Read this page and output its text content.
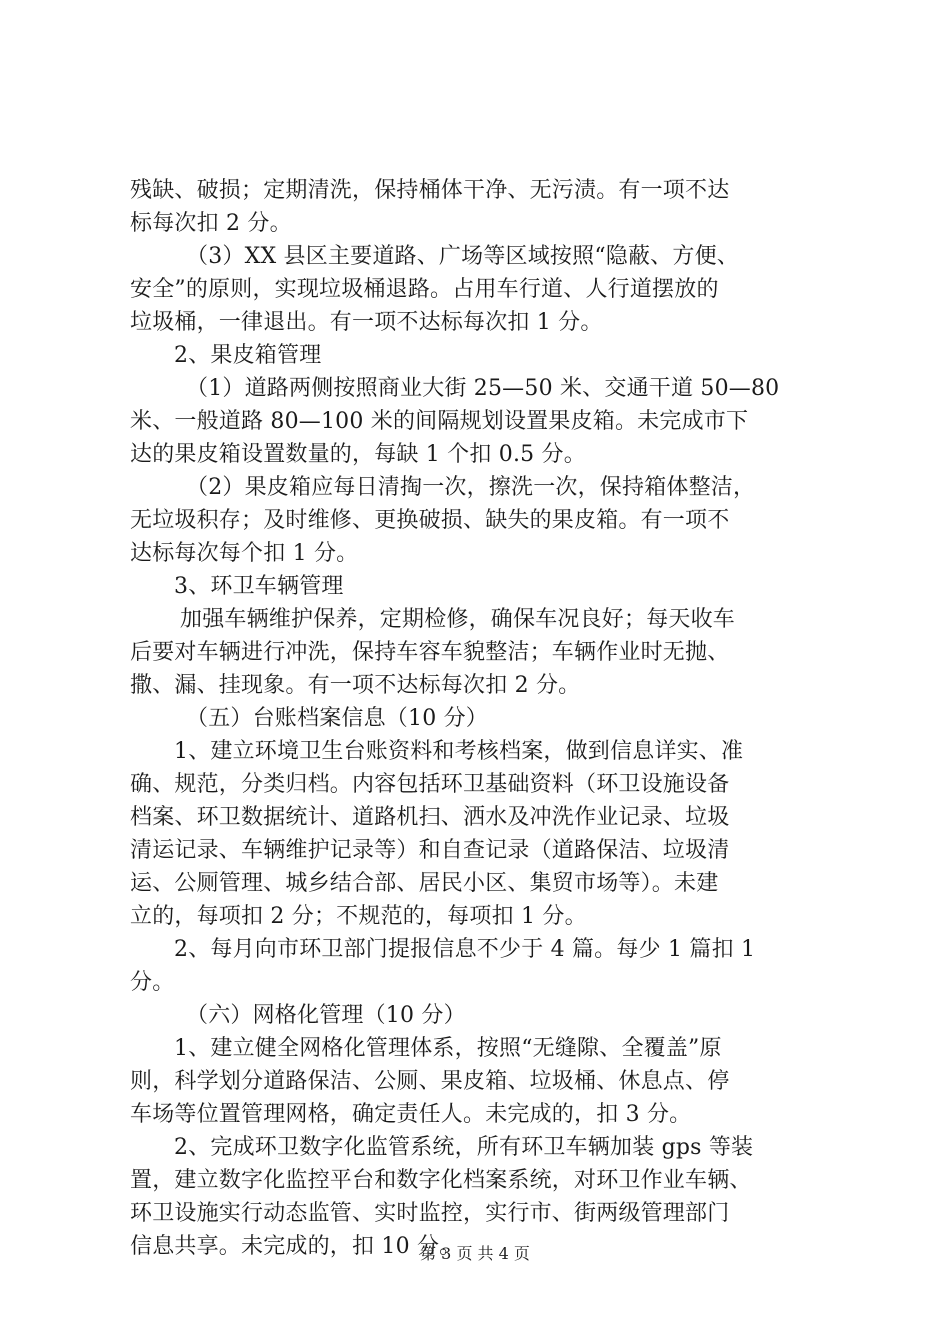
残缺、破损；定期清洗，保持桶体干净、无污渍。有一项不达
标每次扣 2 分。
（3）XX 县区主要道路、广场等区域按照“隐蔽、方便、
安全”的原则，实现垃圾桶退路。占用车行道、人行道摆放的
垃圾桶，一律退出。有一项不达标每次扣 1 分。
2、果皮箱管理
（1）道路两侧按照商业大街 25—50 米、交通干道 50—80
米、一般道路 80—100 米的间隔规划设置果皮箱。未完成市下
达的果皮箱设置数量的，每缺 1 个扣 0.5 分。
（2）果皮箱应每日清掏一次，擦洗一次，保持箱体整洁，
无垃圾积存；及时维修、更换破损、缺失的果皮箱。有一项不
达标每次每个扣 1 分。
3、环卫车辆管理
加强车辆维护保养，定期检修，确保车况良好；每天收车
后要对车辆进行冲洗，保持车容车貌整洁；车辆作业时无抛、
撒、漏、挂现象。有一项不达标每次扣 2 分。
（五）台账档案信息（10 分）
1、建立环境卫生台账资料和考核档案，做到信息详实、准
确、规范，分类归档。内容包括环卫基础资料（环卫设施设备
档案、环卫数据统计、道路机扫、洒水及冲洗作业记录、垃圾
清运记录、车辆维护记录等）和自查记录（道路保洁、垃圾清
运、公厕管理、城乡结合部、居民小区、集贸市场等）。未建
立的，每项扣 2 分；不规范的，每项扣 1 分。
2、每月向市环卫部门提报信息不少于 4 篇。每少 1 篇扣 1
分。
（六）网格化管理（10 分）
1、建立健全网格化管理体系，按照“无缝隙、全覆盖”原
则，科学划分道路保洁、公厕、果皮箱、垃圾桶、休息点、停
车场等位置管理网格，确定责任人。未完成的，扣 3 分。
2、完成环卫数字化监管系统，所有环卫车辆加装 gps 等装
置，建立数字化监控平台和数字化档案系统，对环卫作业车辆、
环卫设施实行动态监管、实时监控，实行市、街两级管理部门
信息共享。未完成的，扣 10 分。
第 3 页 共 4 页
